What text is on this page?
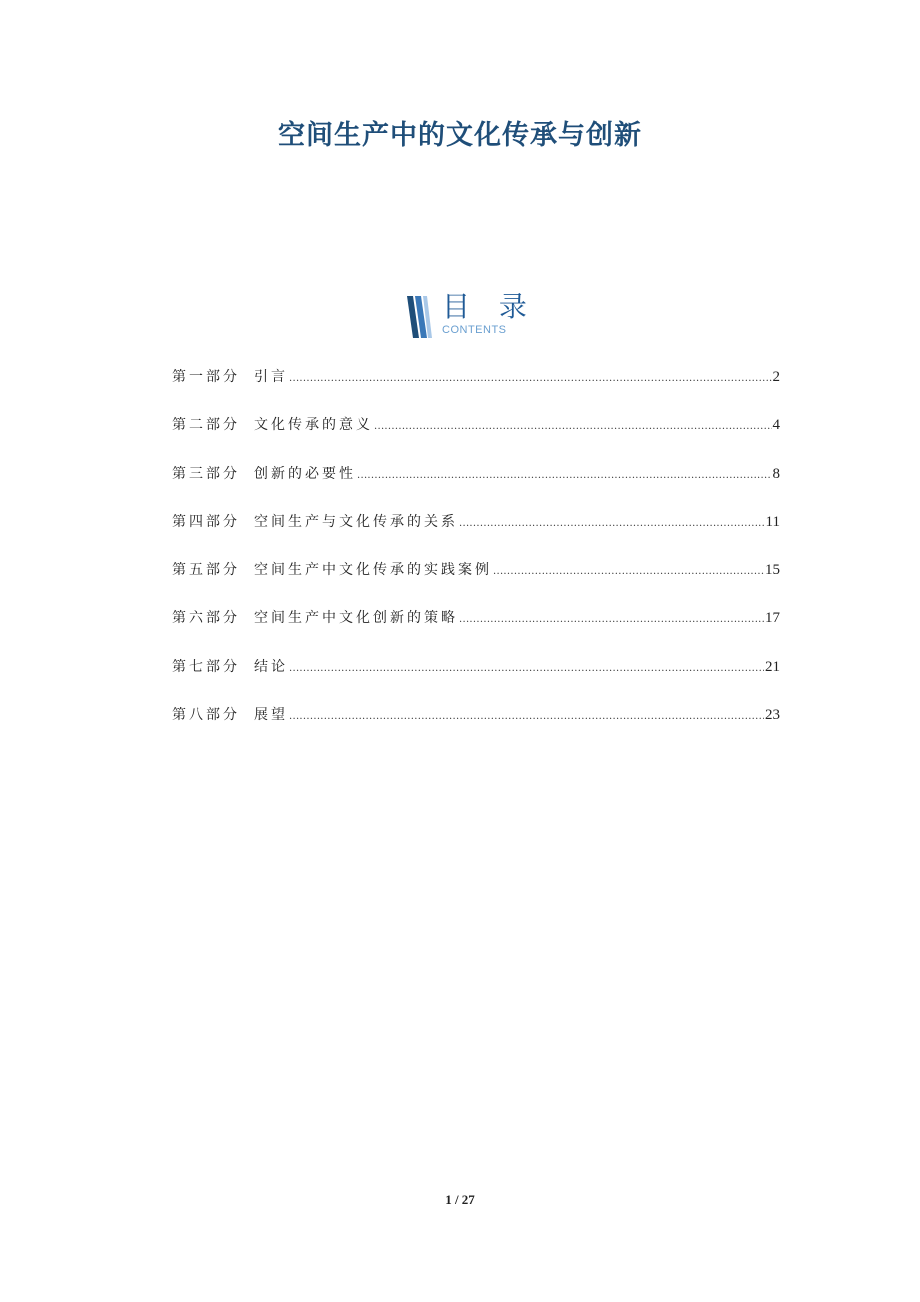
空间生产中的文化传承与创新
目 录
CONTENTS
第一部分	引言 .....	2
第二部分	文化传承的意义 .....	4
第三部分	创新的必要性 .....	8
第四部分	空间生产与文化传承的关系 .....	11
第五部分	空间生产中文化传承的实践案例 .....	15
第六部分	空间生产中文化创新的策略 .....	17
第七部分	结论 .....	21
第八部分	展望 .....	23
1 / 27
